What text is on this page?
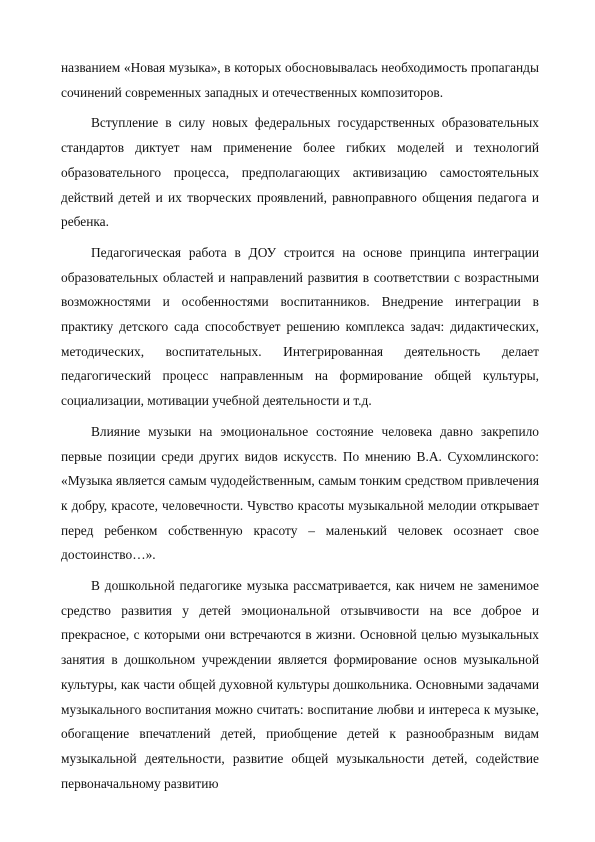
названием «Новая музыка», в которых обосновывалась необходимость пропаганды сочинений современных западных и отечественных композиторов.

Вступление в силу новых федеральных государственных образовательных стандартов диктует нам применение более гибких моделей и технологий образовательного процесса, предполагающих активизацию самостоятельных действий детей и их творческих проявлений, равноправного общения педагога и ребенка.

Педагогическая работа в ДОУ строится на основе принципа интеграции образовательных областей и направлений развития в соответствии с возрастными возможностями и особенностями воспитанников. Внедрение интеграции в практику детского сада способствует решению комплекса задач: дидактических, методических, воспитательных. Интегрированная деятельность делает педагогический процесс направленным на формирование общей культуры, социализации, мотивации учебной деятельности и т.д.

Влияние музыки на эмоциональное состояние человека давно закрепило первые позиции среди других видов искусств. По мнению В.А. Сухомлинского: «Музыка является самым чудодейственным, самым тонким средством привлечения к добру, красоте, человечности. Чувство красоты музыкальной мелодии открывает перед ребенком собственную красоту – маленький человек осознает свое достоинство…».

В дошкольной педагогике музыка рассматривается, как ничем не заменимое средство развития у детей эмоциональной отзывчивости на все доброе и прекрасное, с которыми они встречаются в жизни. Основной целью музыкальных занятия в дошкольном учреждении является формирование основ музыкальной культуры, как части общей духовной культуры дошкольника. Основными задачами музыкального воспитания можно считать: воспитание любви и интереса к музыке, обогащение впечатлений детей, приобщение детей к разнообразным видам музыкальной деятельности, развитие общей музыкальности детей, содействие первоначальному развитию
